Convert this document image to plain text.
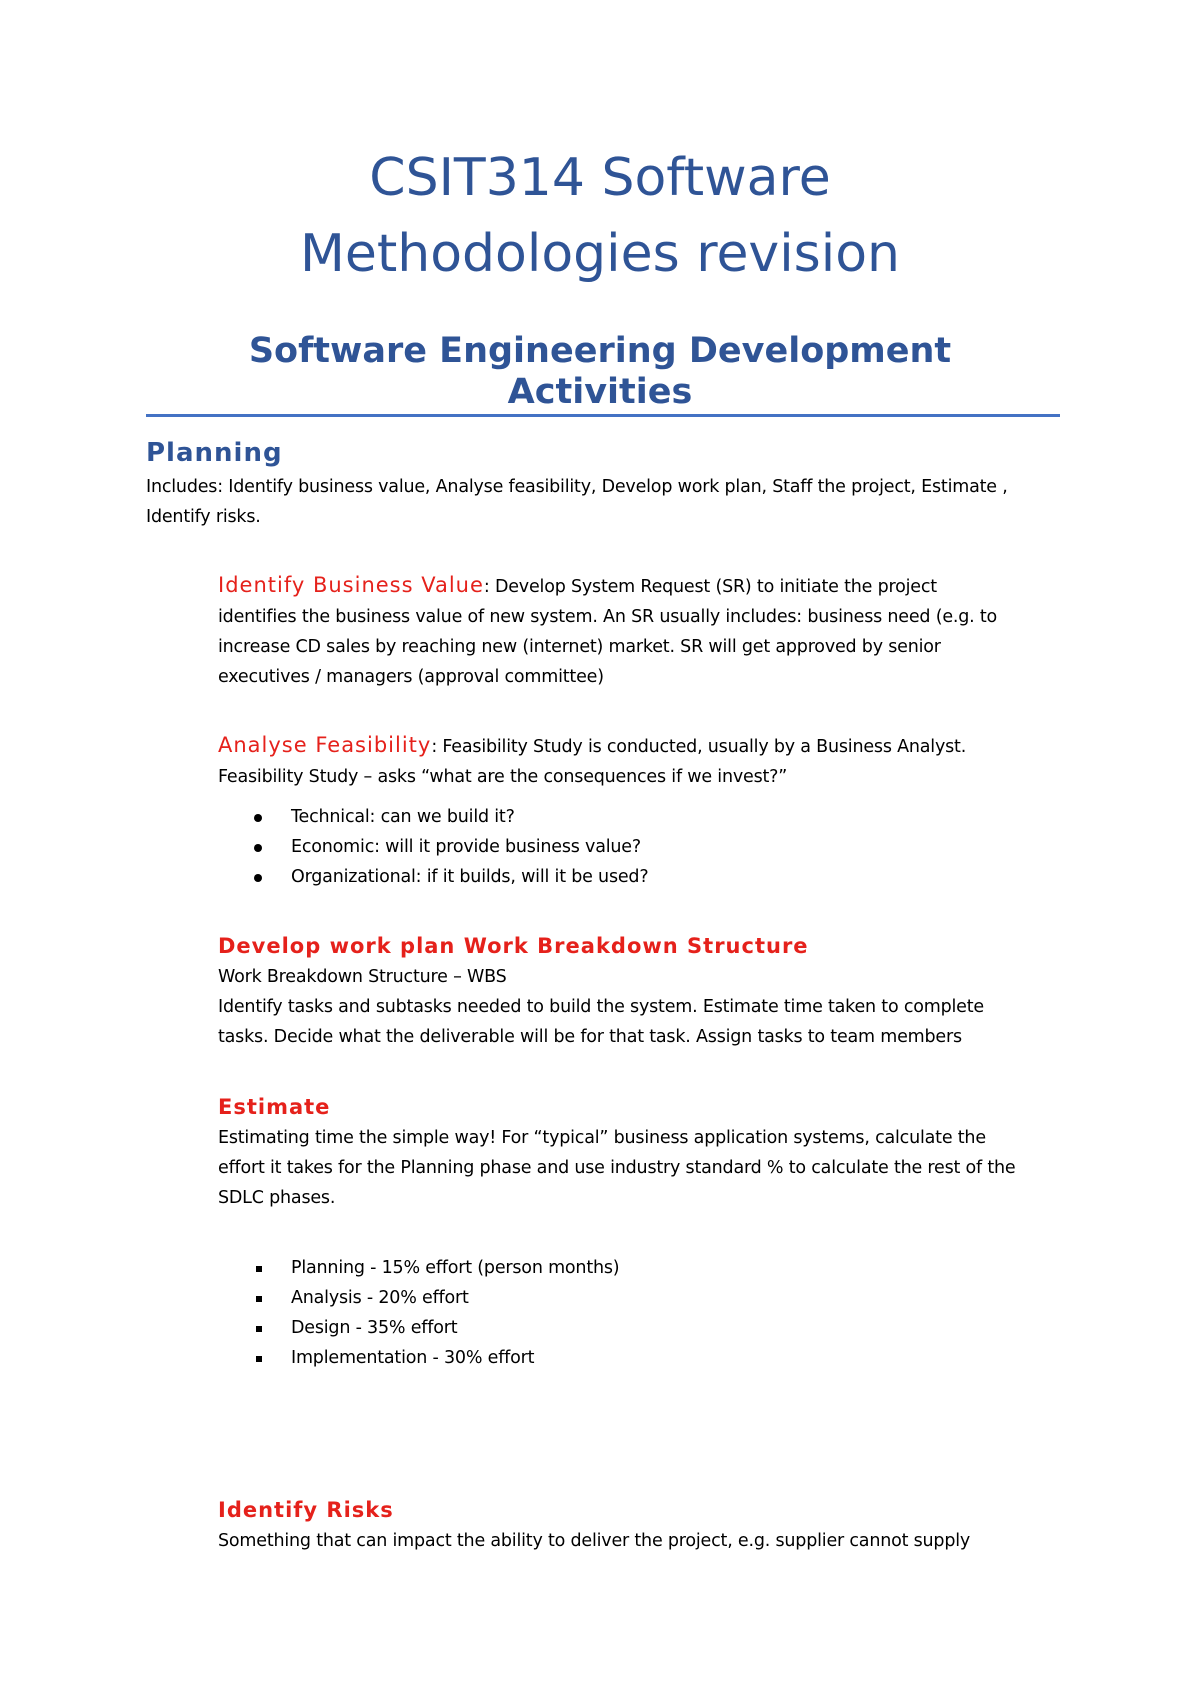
CSIT314 Software
Methodologies revision
Software Engineering Development
Activities
Planning

Includes: Identify business value, Analyse feasibility, Develop work plan, Staff the project, Estimate ,
Identify risks.

Identify Business Value: Develop System Request (SR) to initiate the project
identifies the business value of new system. An SR usually includes: business need (e.g. to
increase CD sales by reaching new (internet) market. SR will get approved by senior
executives / managers (approval committee)

Analyse Feasibility: Feasibility Study is conducted, usually by a Business Analyst.
Feasibility Study – asks “what are the consequences if we invest?”

Technical: can we build it?
Economic: will it provide business value?
Organizational: if it builds, will it be used?
Develop work plan Work Breakdown Structure

Work Breakdown Structure – WBS
Identify tasks and subtasks needed to build the system. Estimate time taken to complete
tasks. Decide what the deliverable will be for that task. Assign tasks to team members

Estimate

Estimating time the simple way! For “typical” business application systems, calculate the
effort it takes for the Planning phase and use industry standard % to calculate the rest of the
SDLC phases.

Planning - 15% effort (person months)
Analysis - 20% effort
Design - 35% effort
Implementation - 30% effort
Identify Risks

Something that can impact the ability to deliver the project, e.g. supplier cannot supply
